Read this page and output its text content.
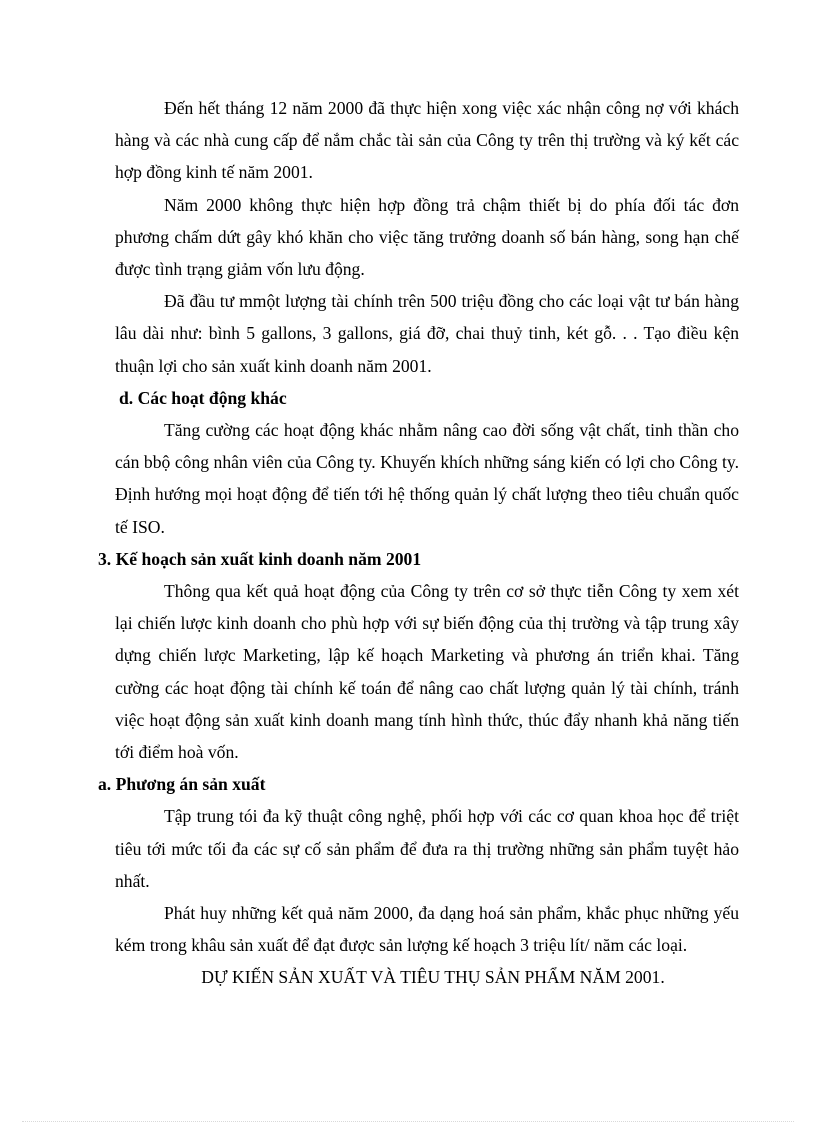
Đến hết tháng 12 năm 2000 đã thực hiện xong việc xác nhận công nợ với khách hàng và các nhà cung cấp để nắm chắc tài sản của Công ty trên thị trường và ký kết các hợp đồng kinh tế năm 2001.

Năm 2000 không thực hiện hợp đồng trả chậm thiết bị do phía đối tác đơn phương chấm dứt gây khó khăn cho việc tăng trưởng doanh số bán hàng, song hạn chế được tình trạng giảm vốn lưu động.

Đã đầu tư mmột lượng tài chính trên 500 triệu đồng cho các loại vật tư bán hàng lâu dài như: bình 5 gallons, 3 gallons, giá đỡ, chai thuỷ tinh, két gỗ. . . Tạo điều kện thuận lợi cho sản xuất kinh doanh năm 2001.

d. Các hoạt động khác

Tăng cường các hoạt động khác nhằm nâng cao đời sống vật chất, tinh thần cho cán bbộ công nhân viên của Công ty. Khuyến khích những sáng kiến có lợi cho Công ty. Định hướng mọi hoạt động để tiến tới hệ thống quản lý chất lượng theo tiêu chuẩn quốc tế ISO.

3. Kế hoạch sản xuất kinh doanh năm 2001

Thông qua kết quả hoạt động của Công ty trên cơ sở thực tiễn Công ty xem xét lại chiến lược kinh doanh cho phù hợp với sự biến động của thị trường và tập trung xây dựng chiến lược Marketing, lập kế hoạch Marketing và phương án triển khai. Tăng cường các hoạt động tài chính kế toán để nâng cao chất lượng quản lý tài chính, tránh việc hoạt động sản xuất kinh doanh mang tính hình thức, thúc đẩy nhanh khả năng tiến tới điểm hoà vốn.

a. Phương án sản xuất

Tập trung tói đa kỹ thuật công nghệ, phối hợp với các cơ quan khoa học để triệt tiêu tới mức tối đa các sự cố sản phẩm để đưa ra thị trường những sản phẩm tuyệt hảo nhất.

Phát huy những kết quả năm 2000, đa dạng hoá sản phẩm, khắc phục những yếu kém trong khâu sản xuất để đạt được sản lượng kế hoạch 3 triệu lít/ năm các loại.

DỰ KIẾN SẢN XUẤT VÀ TIÊU THỤ SẢN PHẨM NĂM 2001.
